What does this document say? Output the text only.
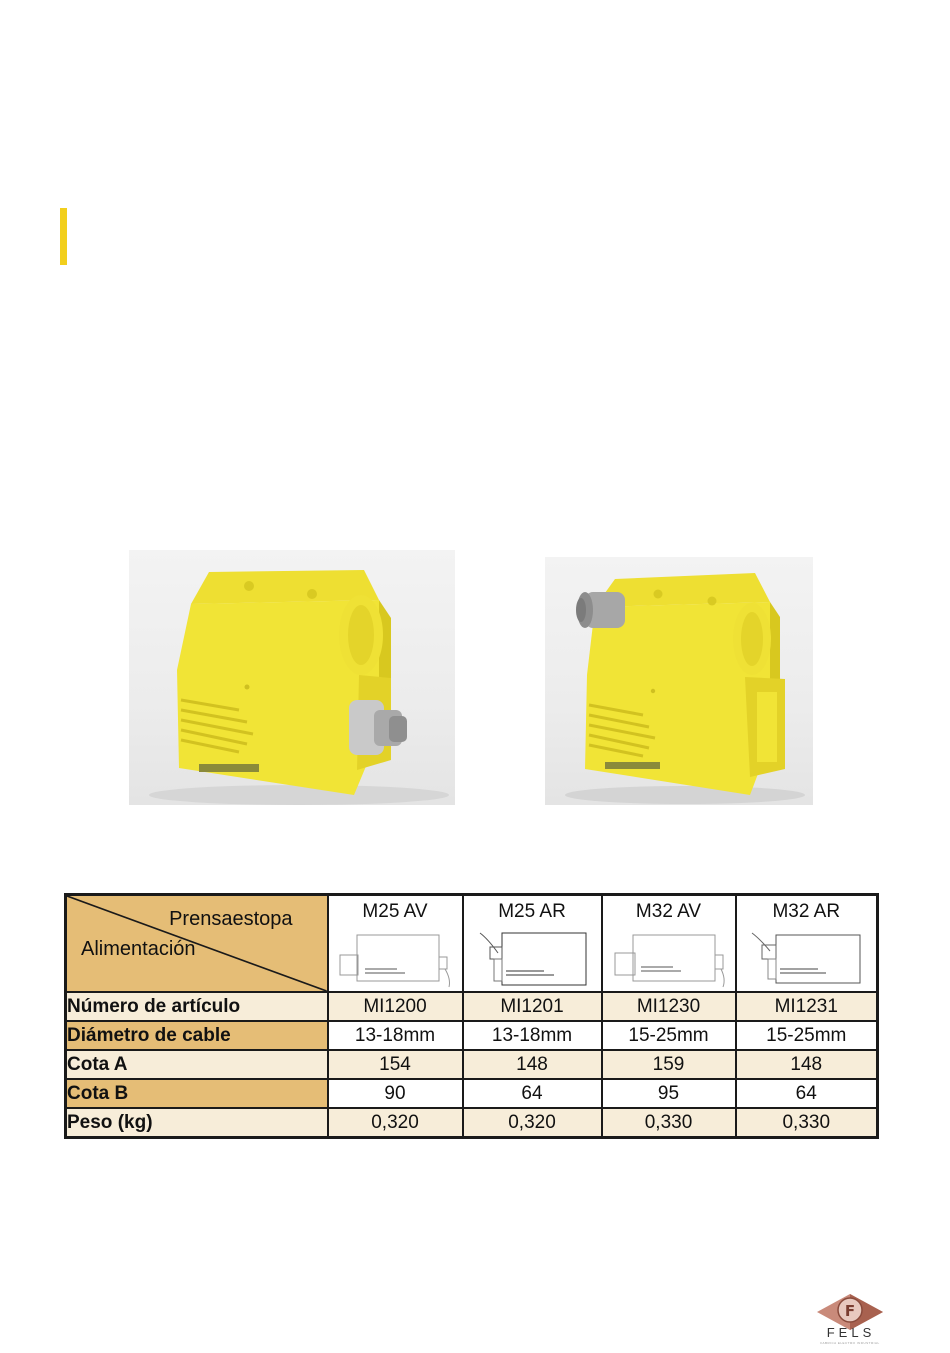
Prensaestopa
Alimentación	M25 AV	M25 AR	M32 AV	M32 AR

Número de artículo	MI1200	MI1201	MI1230	MI1231
Diámetro de cable	13-18mm	13-18mm	15-25mm	15-25mm
Cota A	154	148	159	148
Cota B	90	64	95	64
Peso (kg)	0,320	0,320	0,330	0,330
F
FELS
FABRICA ELECTRO INDUSTRIAL
